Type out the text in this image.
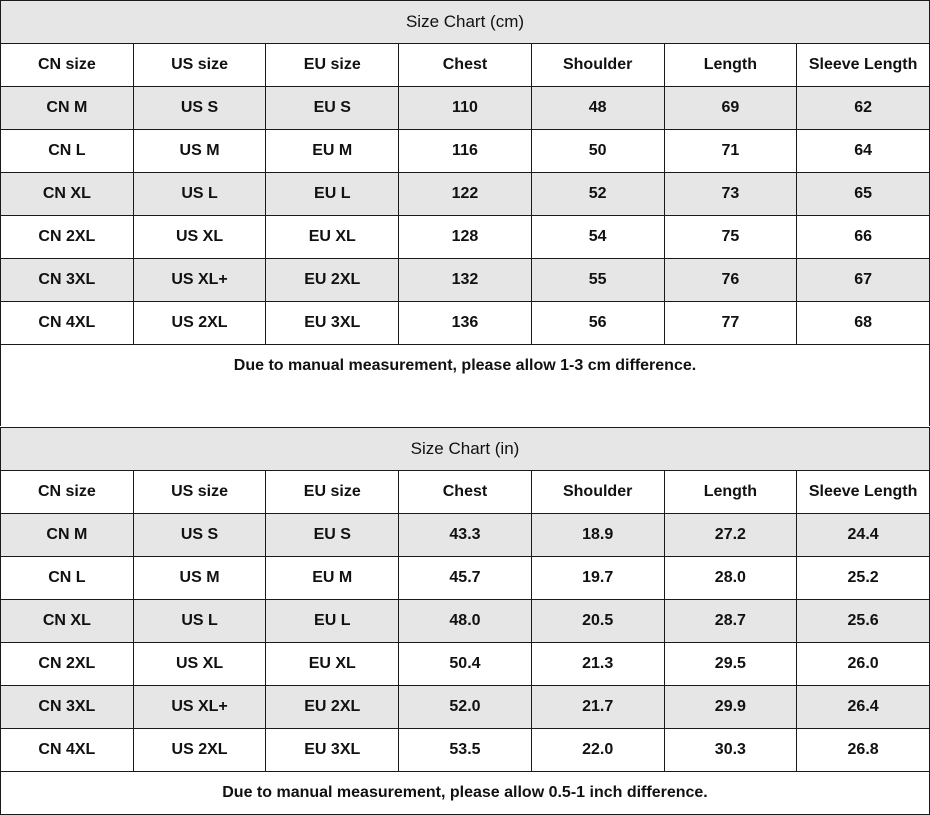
Size Chart (cm)						
CN size	US size	EU size	Chest	Shoulder	Length	Sleeve Length
CN M	US S	EU S	110	48	69	62
CN L	US M	EU M	116	50	71	64
CN XL	US L	EU L	122	52	73	65
CN 2XL	US XL	EU XL	128	54	75	66
CN 3XL	US XL+	EU 2XL	132	55	76	67
CN 4XL	US 2XL	EU 3XL	136	56	77	68
Due to manual measurement, please allow 1-3 cm difference.						
Size Chart (in)						
CN size	US size	EU size	Chest	Shoulder	Length	Sleeve Length
CN M	US S	EU S	43.3	18.9	27.2	24.4
CN L	US M	EU M	45.7	19.7	28.0	25.2
CN XL	US L	EU L	48.0	20.5	28.7	25.6
CN 2XL	US XL	EU XL	50.4	21.3	29.5	26.0
CN 3XL	US XL+	EU 2XL	52.0	21.7	29.9	26.4
CN 4XL	US 2XL	EU 3XL	53.5	22.0	30.3	26.8
Due to manual measurement, please allow 0.5-1 inch difference.						
